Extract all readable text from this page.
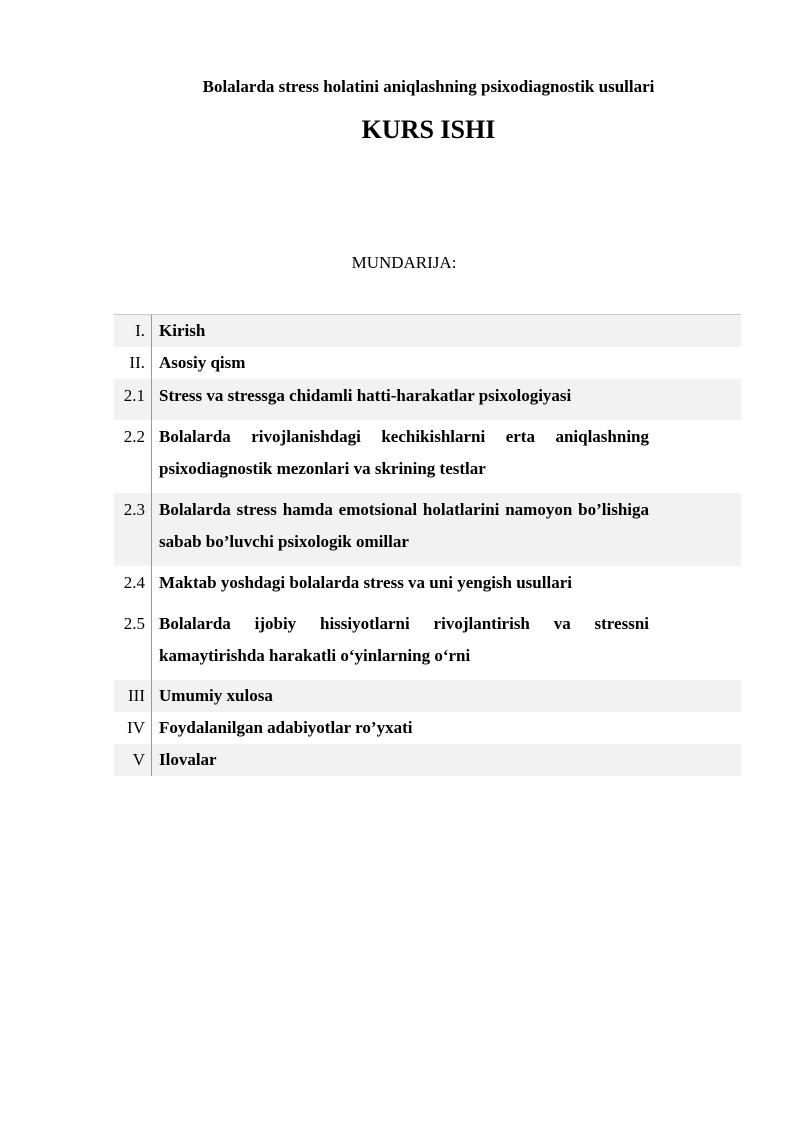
Bolalarda stress holatini aniqlashning psixodiagnostik usullari
KURS ISHI
MUNDARIJA:
I. Kirish
II. Asosiy qism
2.1 Stress va stressga chidamli hatti-harakatlar psixologiyasi
2.2 Bolalarda rivojlanishdagi kechikishlarni erta aniqlashning psixodiagnostik mezonlari va skrining testlar
2.3 Bolalarda stress hamda emotsional holatlarini namoyon bo’lishiga sabab bo’luvchi psixologik omillar
2.4 Maktab yoshdagi bolalarda stress va uni yengish usullari
2.5 Bolalarda ijobiy hissiyotlarni rivojlantirish va stressni kamaytirishda harakatli o‘yinlarning o‘rni
III Umumiy xulosa
IV Foydalanilgan adabiyotlar ro’yxati
V Ilovalar
